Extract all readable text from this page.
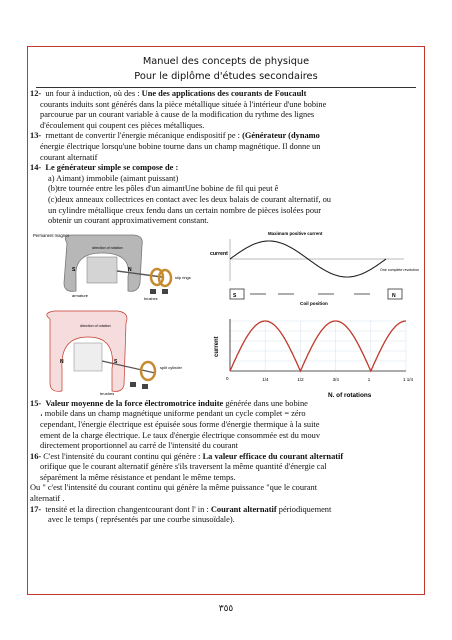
Manuel des concepts de physique
Pour le diplôme d'études secondaires

12- un four à induction, où des : Une des applications des courants de Foucault

courants induits sont générés dans la pièce métallique située à l'intérieur d'une bobine

parcourue par un courant variable à cause de la modification du rythme des lignes

d'écoulement qui coupent ces pièces métalliques.

13- rmettant de convertir l'énergie mécanique endispositif pe : (Générateur (dynamo

énergie électrique lorsqu'une bobine tourne dans un champ magnétique. Il donne un

courant alternatif

14- Le générateur simple se compose de :

a) Aimant) immobile (aimant puissant)

(b)tre tournée entre les pôles d'un aimantUne bobine de fil qui peut ê

(c)deux anneaux collectrices en contact avec les deux balais de courant alternatif, ou

un cylindre métallique creux fendu dans un certain nombre de pièces isolées pour

obtenir un courant approximativement constant.

Permanent magnet
direction of rotation
armature
slip rings
brushes
S	N
Maximum positive current
current
One complete revolution
S	N
Coil position
direction of rotation
split cylinder
brushes
N	S
current
0	1/4	1/2	3/4	1	1 1/4
N. of rotations

15- Valeur moyenne de la force électromotrice induite générée dans une bobine

، mobile dans un champ magnétique uniforme pendant un cycle complet = zéro

cependant, l'énergie électrique est épuisée sous forme d'énergie thermique à la suite

ement de la charge électrique. Le taux d'énergie électrique consommée est du mouv

directement proportionnel au carré de l'intensité du courant

16- C'est l'intensité du courant continu qui génère : La valeur efficace du courant alternatif

orifique que le courant alternatif génère s'ils traversent la même quantité d'énergie cal

séparément la même résistance et pendant le même temps.

Ou " c'est l'intensité du courant continu qui génère la même puissance "que le courant

alternatif .

17- tensité et la direction changentcourant dont l' in : Courant alternatif périodiquement

avec le temps ( représentés par une courbe sinusoïdale).

٣٥٥
